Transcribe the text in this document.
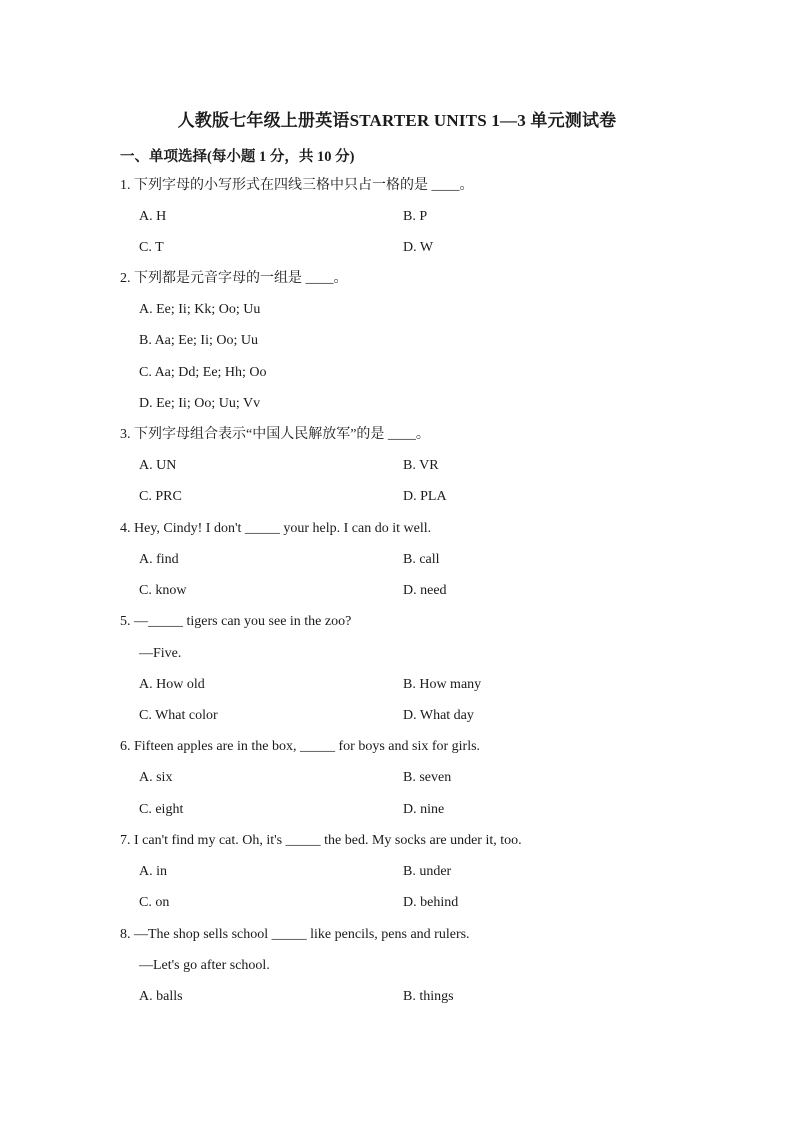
人教版七年级上册英语STARTER UNITS 1—3 单元测试卷
一、单项选择(每小题 1 分，共 10 分)
1. 下列字母的小写形式在四线三格中只占一格的是 ____。
A. H	B. P
C. T	D. W
2. 下列都是元音字母的一组是 ____。
A. Ee; Ii; Kk; Oo; Uu
B. Aa; Ee; Ii; Oo; Uu
C. Aa; Dd; Ee; Hh; Oo
D. Ee; Ii; Oo; Uu; Vv
3. 下列字母组合表示“中国人民解放军”的是 ____。
A. UN	B. VR
C. PRC	D. PLA
4. Hey, Cindy! I don't _____ your help. I can do it well.
A. find	B. call
C. know	D. need
5. —_____ tigers can you see in the zoo?
—Five.
A. How old	B. How many
C. What color	D. What day
6. Fifteen apples are in the box, _____ for boys and six for girls.
A. six	B. seven
C. eight	D. nine
7. I can't find my cat. Oh, it's _____ the bed. My socks are under it, too.
A. in	B. under
C. on	D. behind
8. —The shop sells school _____ like pencils, pens and rulers.
—Let's go after school.
A. balls	B. things
